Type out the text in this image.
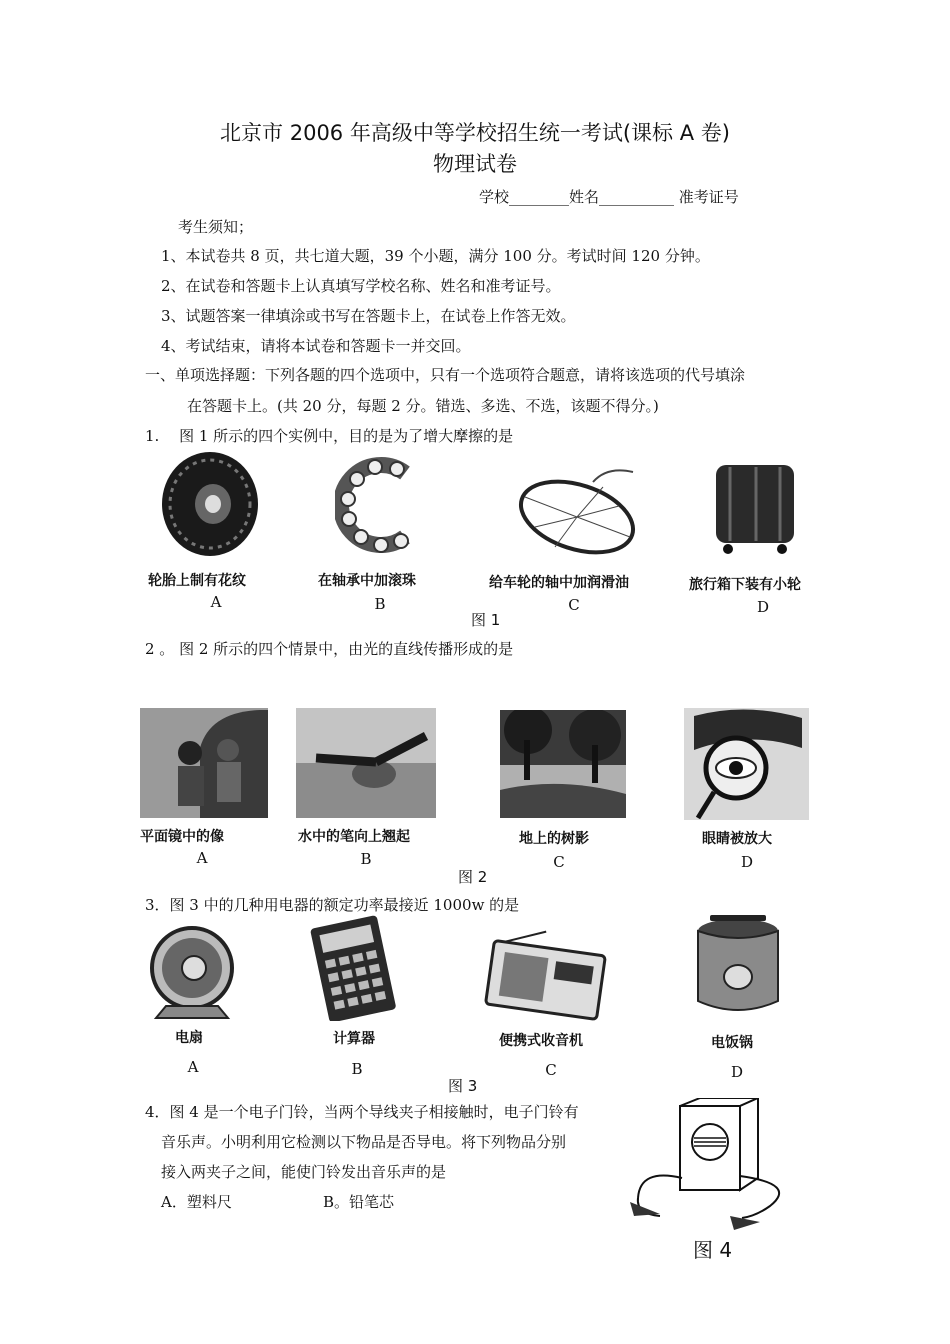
北京市 2006 年高级中等学校招生统一考试(课标 A 卷)
物理试卷
学校________姓名__________ 准考证号
考生须知；
1、本试卷共 8 页，共七道大题，39 个小题，满分 100 分。考试时间 120 分钟。
2、在试卷和答题卡上认真填写学校名称、姓名和准考证号。
3、试题答案一律填涂或书写在答题卡上，在试卷上作答无效。
4、考试结束，请将本试卷和答题卡一并交回。
一、单项选择题：下列各题的四个选项中，只有一个选项符合题意，请将该选项的代号填涂
在答题卡上。(共 20 分，每题 2 分。错选、多选、不选，该题不得分。)
1.　 图 1 所示的四个实例中，目的是为了增大摩擦的是
轮胎上制有花纹
A
在轴承中加滚珠
B
给车轮的轴中加润滑油
C
旅行箱下装有小轮
D
图 1
2 。 图 2 所示的四个情景中，由光的直线传播形成的是
平面镜中的像
A
水中的笔向上翘起
B
地上的树影
C
眼睛被放大
D
图 2
3．图 3 中的几种用电器的额定功率最接近 1000w 的是
电扇
A
计算器
B
便携式收音机
C
电饭锅
D
图 3
4．图 4 是一个电子门铃，当两个导线夹子相接触时，电子门铃有
音乐声。小明利用它检测以下物品是否导电。将下列物品分别
接入两夹子之间，能使门铃发出音乐声的是
A．塑料尺	B。铅笔芯
图 4
